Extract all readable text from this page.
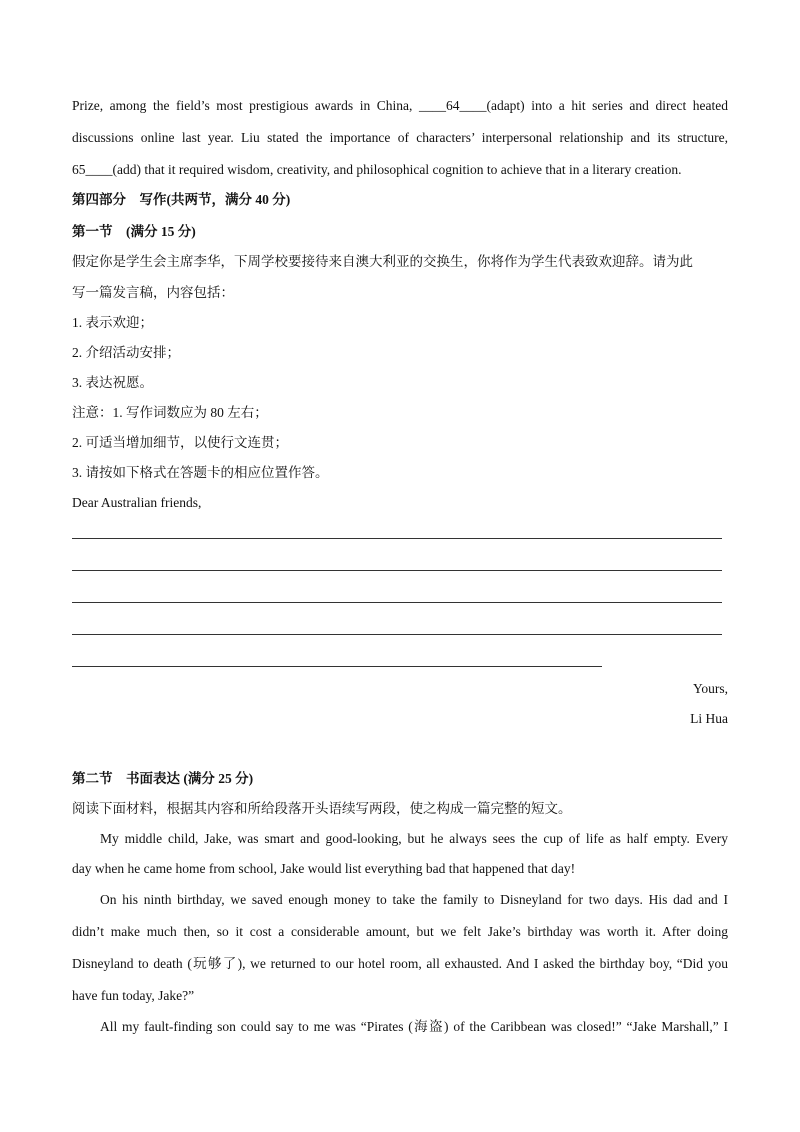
Prize, among the field’s most prestigious awards in China, ____64____(adapt) into a hit series and direct heated
discussions online last year. Liu stated the importance of characters’ interpersonal relationship and its structure,
65____(add) that it required wisdom, creativity, and philosophical cognition to achieve that in a literary creation.
第四部分　写作(共两节，满分 40 分)
第一节　(满分 15 分)
假定你是学生会主席李华，下周学校要接待来自澳大利亚的交换生，你将作为学生代表致欢迎辞。请为此
写一篇发言稿，内容包括：
1. 表示欢迎；
2. 介绍活动安排；
3. 表达祝愿。
注意：1. 写作词数应为 80 左右；
2. 可适当增加细节，以使行文连贯；
3. 请按如下格式在答题卡的相应位置作答。
Dear Australian friends,
Yours,
Li Hua
第二节　书面表达 (满分 25 分)
阅读下面材料，根据其内容和所给段落开头语续写两段，使之构成一篇完整的短文。
My middle child, Jake, was smart and good-looking, but he always sees the cup of life as half empty. Every
day when he came home from school, Jake would list everything bad that happened that day!
On his ninth birthday, we saved enough money to take the family to Disneyland for two days. His dad and I
didn’t make much then, so it cost a considerable amount, but we felt Jake’s birthday was worth it. After doing
Disneyland to death (玩够了), we returned to our hotel room, all exhausted. And I asked the birthday boy, “Did you
have fun today, Jake?”
All my fault-finding son could say to me was “Pirates (海盗) of the Caribbean was closed!” “Jake Marshall,” I
